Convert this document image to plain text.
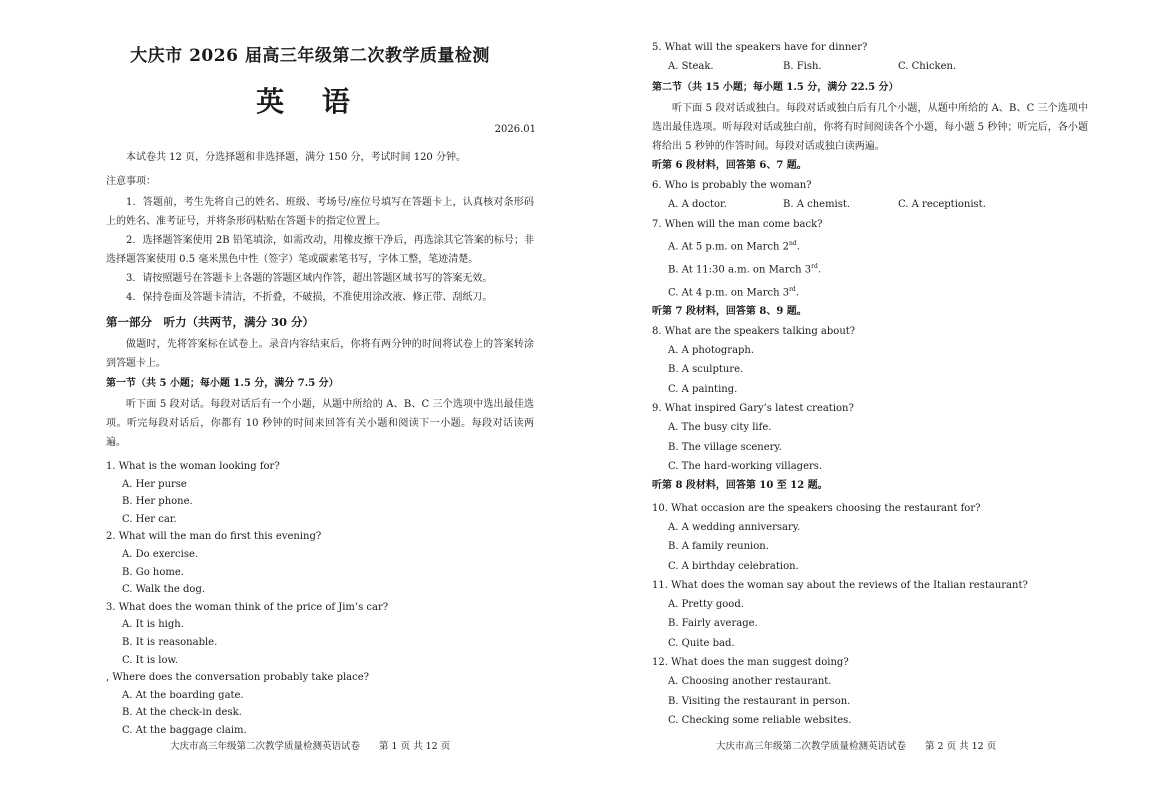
大庆市 2026 届高三年级第二次教学质量检测
英 语
2026.01

本试卷共 12 页，分选择题和非选择题，满分 150 分，考试时间 120 分钟。

注意事项：

1．答题前，考生先将自己的姓名、班级、考场号/座位号填写在答题卡上，认真核对条形码上的姓名、准考证号，并将条形码粘贴在答题卡的指定位置上。

2．选择题答案使用 2B 铅笔填涂，如需改动，用橡皮擦干净后，再选涂其它答案的标号；非选择题答案使用 0.5 毫米黑色中性（签字）笔或碳素笔书写，字体工整，笔迹清楚。

3．请按照题号在答题卡上各题的答题区域内作答，超出答题区域书写的答案无效。

4．保持卷面及答题卡清洁，不折叠，不破损，不准使用涂改液、修正带、刮纸刀。

第一部分　听力（共两节，满分 30 分）

做题时，先将答案标在试卷上。录音内容结束后，你将有两分钟的时间将试卷上的答案转涂到答题卡上。

第一节（共 5 小题；每小题 1.5 分，满分 7.5 分）

听下面 5 段对话。每段对话后有一个小题，从题中所给的 A、B、C 三个选项中选出最佳选项。听完每段对话后，你都有 10 秒钟的时间来回答有关小题和阅读下一小题。每段对话读两遍。

1. What is the woman looking for?

A. Her purse

B. Her phone.

C. Her car.

2. What will the man do first this evening?

A. Do exercise.

B. Go home.

C. Walk the dog.

3. What does the woman think of the price of Jim’s car?

A. It is high.

B. It is reasonable.

C. It is low.

, Where does the conversation probably take place?

A. At the boarding gate.

B. At the check-in desk.

C. At the baggage claim.

大庆市高三年级第二次教学质量检测英语试卷　　第 1 页 共 12 页

5. What will the speakers have for dinner?

A. Steak.	B. Fish.	C. Chicken.

第二节（共 15 小题；每小题 1.5 分，满分 22.5 分）

听下面 5 段对话或独白。每段对话或独白后有几个小题，从题中所给的 A、B、C 三个选项中选出最佳选项。听每段对话或独白前，你将有时间阅读各个小题，每小题 5 秒钟；听完后，各小题将给出 5 秒钟的作答时间。每段对话或独白读两遍。

听第 6 段材料，回答第 6、7 题。

6. Who is probably the woman?

A. A doctor.	B. A chemist.	C. A receptionist.

7. When will the man come back?

A. At 5 p.m. on March 2nd.

B. At 11:30 a.m. on March 3rd.

C. At 4 p.m. on March 3rd.

听第 7 段材料，回答第 8、9 题。

8. What are the speakers talking about?

A. A photograph.

B. A sculpture.

C. A painting.

9. What inspired Gary’s latest creation?

A. The busy city life.

B. The village scenery.

C. The hard-working villagers.

听第 8 段材料，回答第 10 至 12 题。

10. What occasion are the speakers choosing the restaurant for?

A. A wedding anniversary.

B. A family reunion.

C. A birthday celebration.

11. What does the woman say about the reviews of the Italian restaurant?

A. Pretty good.

B. Fairly average.

C. Quite bad.

12. What does the man suggest doing?

A. Choosing another restaurant.

B. Visiting the restaurant in person.

C. Checking some reliable websites.

大庆市高三年级第二次教学质量检测英语试卷　　第 2 页 共 12 页
